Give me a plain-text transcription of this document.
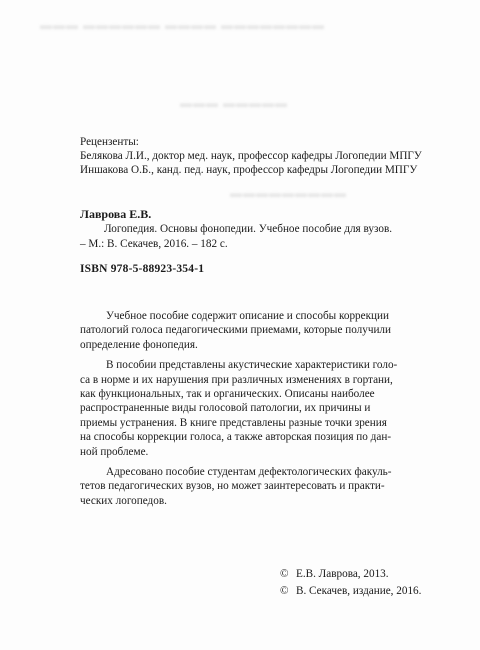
▬▬▬ ▬▬▬▬▬▬ ▬▬▬▬ ▬▬▬▬▬▬▬▬
▬▬▬ ▬▬▬▬▬
▬▬▬▬▬▬▬▬▬
Рецензенты:
Белякова Л.И., доктор мед. наук, профессор кафедры Логопедии МПГУ
Иншакова О.Б., канд. пед. наук, профессор кафедры Логопедии МПГУ
Лаврова Е.В.
Логопедия. Основы фонопедии. Учебное пособие для вузов.
– М.: В. Секачев, 2016. – 182 с.
ISBN 978-5-88923-354-1

Учебное пособие содержит описание и способы коррекции
патологий голоса педагогическими приемами, которые получили
определение фонопедия.

В пособии представлены акустические характеристики голо-
са в норме и их нарушения при различных изменениях в гортани,
как функциональных, так и органических. Описаны наиболее
распространенные виды голосовой патологии, их причины и
приемы устранения. В книге представлены разные точки зрения
на способы коррекции голоса, а также авторская позиция по дан-
ной проблеме.

Адресовано пособие студентам дефектологических факуль-
тетов педагогических вузов, но может заинтересовать и практи-
ческих логопедов.

© Е.В. Лаврова, 2013.
© В. Секачев, издание, 2016.
